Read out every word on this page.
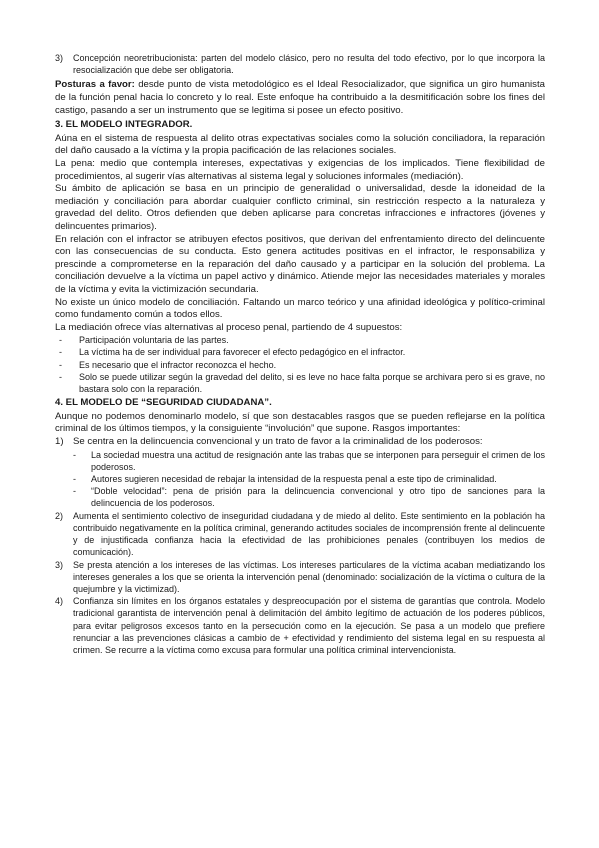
3)	Concepción neoretribucionista: parten del modelo clásico, pero no resulta del todo efectivo, por lo que incorpora la resocialización que debe ser obligatoria.

Posturas a favor: desde punto de vista metodológico es el Ideal Resocializador, que significa un giro humanista de la función penal hacia lo concreto y lo real. Este enfoque ha contribuido a la desmitificación sobre los fines del castigo, pasando a ser un instrumento que se legitima si posee un efecto positivo.

3. EL MODELO INTEGRADOR.

Aúna en el sistema de respuesta al delito otras expectativas sociales como la solución conciliadora, la reparación del daño causado a la víctima y la propia pacificación de las relaciones sociales.

La pena: medio que contempla intereses, expectativas y exigencias de los implicados. Tiene flexibilidad de procedimientos, al sugerir vías alternativas al sistema legal y soluciones informales (mediación).

Su ámbito de aplicación se basa en un principio de generalidad o universalidad, desde la idoneidad de la mediación y conciliación para abordar cualquier conflicto criminal, sin restricción respecto a la naturaleza y gravedad del delito. Otros defienden que deben aplicarse para concretas infracciones e infractores (jóvenes y delincuentes primarios).

En relación con el infractor se atribuyen efectos positivos, que derivan del enfrentamiento directo del delincuente con las consecuencias de su conducta. Esto genera actitudes positivas en el infractor, le responsabiliza y prescinde a comprometerse en la reparación del daño causado y a participar en la solución del problema. La conciliación devuelve a la víctima un papel activo y dinámico. Atiende mejor las necesidades materiales y morales de la víctima y evita la victimización secundaria.

No existe un único modelo de conciliación. Faltando un marco teórico y una afinidad ideológica y político-criminal como fundamento común a todos ellos.

La mediación ofrece vías alternativas al proceso penal, partiendo de 4 supuestos:

-	Participación voluntaria de las partes.
-	La víctima ha de ser individual para favorecer el efecto pedagógico en el infractor.
-	Es necesario que el infractor reconozca el hecho.
-	Solo se puede utilizar según la gravedad del delito, si es leve no hace falta porque se archivara pero si es grave, no bastara solo con la reparación.
4. EL MODELO DE “SEGURIDAD CIUDADANA”.

Aunque no podemos denominarlo modelo, sí que son destacables rasgos que se pueden reflejarse en la política criminal de los últimos tiempos, y la consiguiente “involución” que supone. Rasgos importantes:

1) Se centra en la delincuencia convencional y un trato de favor a la criminalidad de los poderosos:
-	La sociedad muestra una actitud de resignación ante las trabas que se interponen para perseguir el crimen de los poderosos.
-	Autores sugieren necesidad de rebajar la intensidad de la respuesta penal a este tipo de criminalidad.
-	“Doble velocidad”: pena de prisión para la delincuencia convencional y otro tipo de sanciones para la delincuencia de los poderosos.
2)	Aumenta el sentimiento colectivo de inseguridad ciudadana y de miedo al delito. Este sentimiento en la población ha contribuido negativamente en la política criminal, generando actitudes sociales de incomprensión frente al delincuente y de injustificada confianza hacia la efectividad de las prohibiciones penales (contribuyen los medios de comunicación).
3)	Se presta atención a los intereses de las víctimas. Los intereses particulares de la víctima acaban mediatizando los intereses generales a los que se orienta la intervención penal (denominado: socialización de la víctima o cultura de la quejumbre y la victimizad).
4)	Confianza sin límites en los órganos estatales y despreocupación por el sistema de garantías que controla. Modelo tradicional garantista de intervención penal à delimitación del ámbito legítimo de actuación de los poderes públicos, para evitar peligrosos excesos tanto en la persecución como en la ejecución. Se pasa a un modelo que prefiere renunciar a las prevenciones clásicas a cambio de + efectividad y rendimiento del sistema legal en su respuesta al crimen. Se recurre a la víctima como excusa para formular una política criminal intervencionista.
